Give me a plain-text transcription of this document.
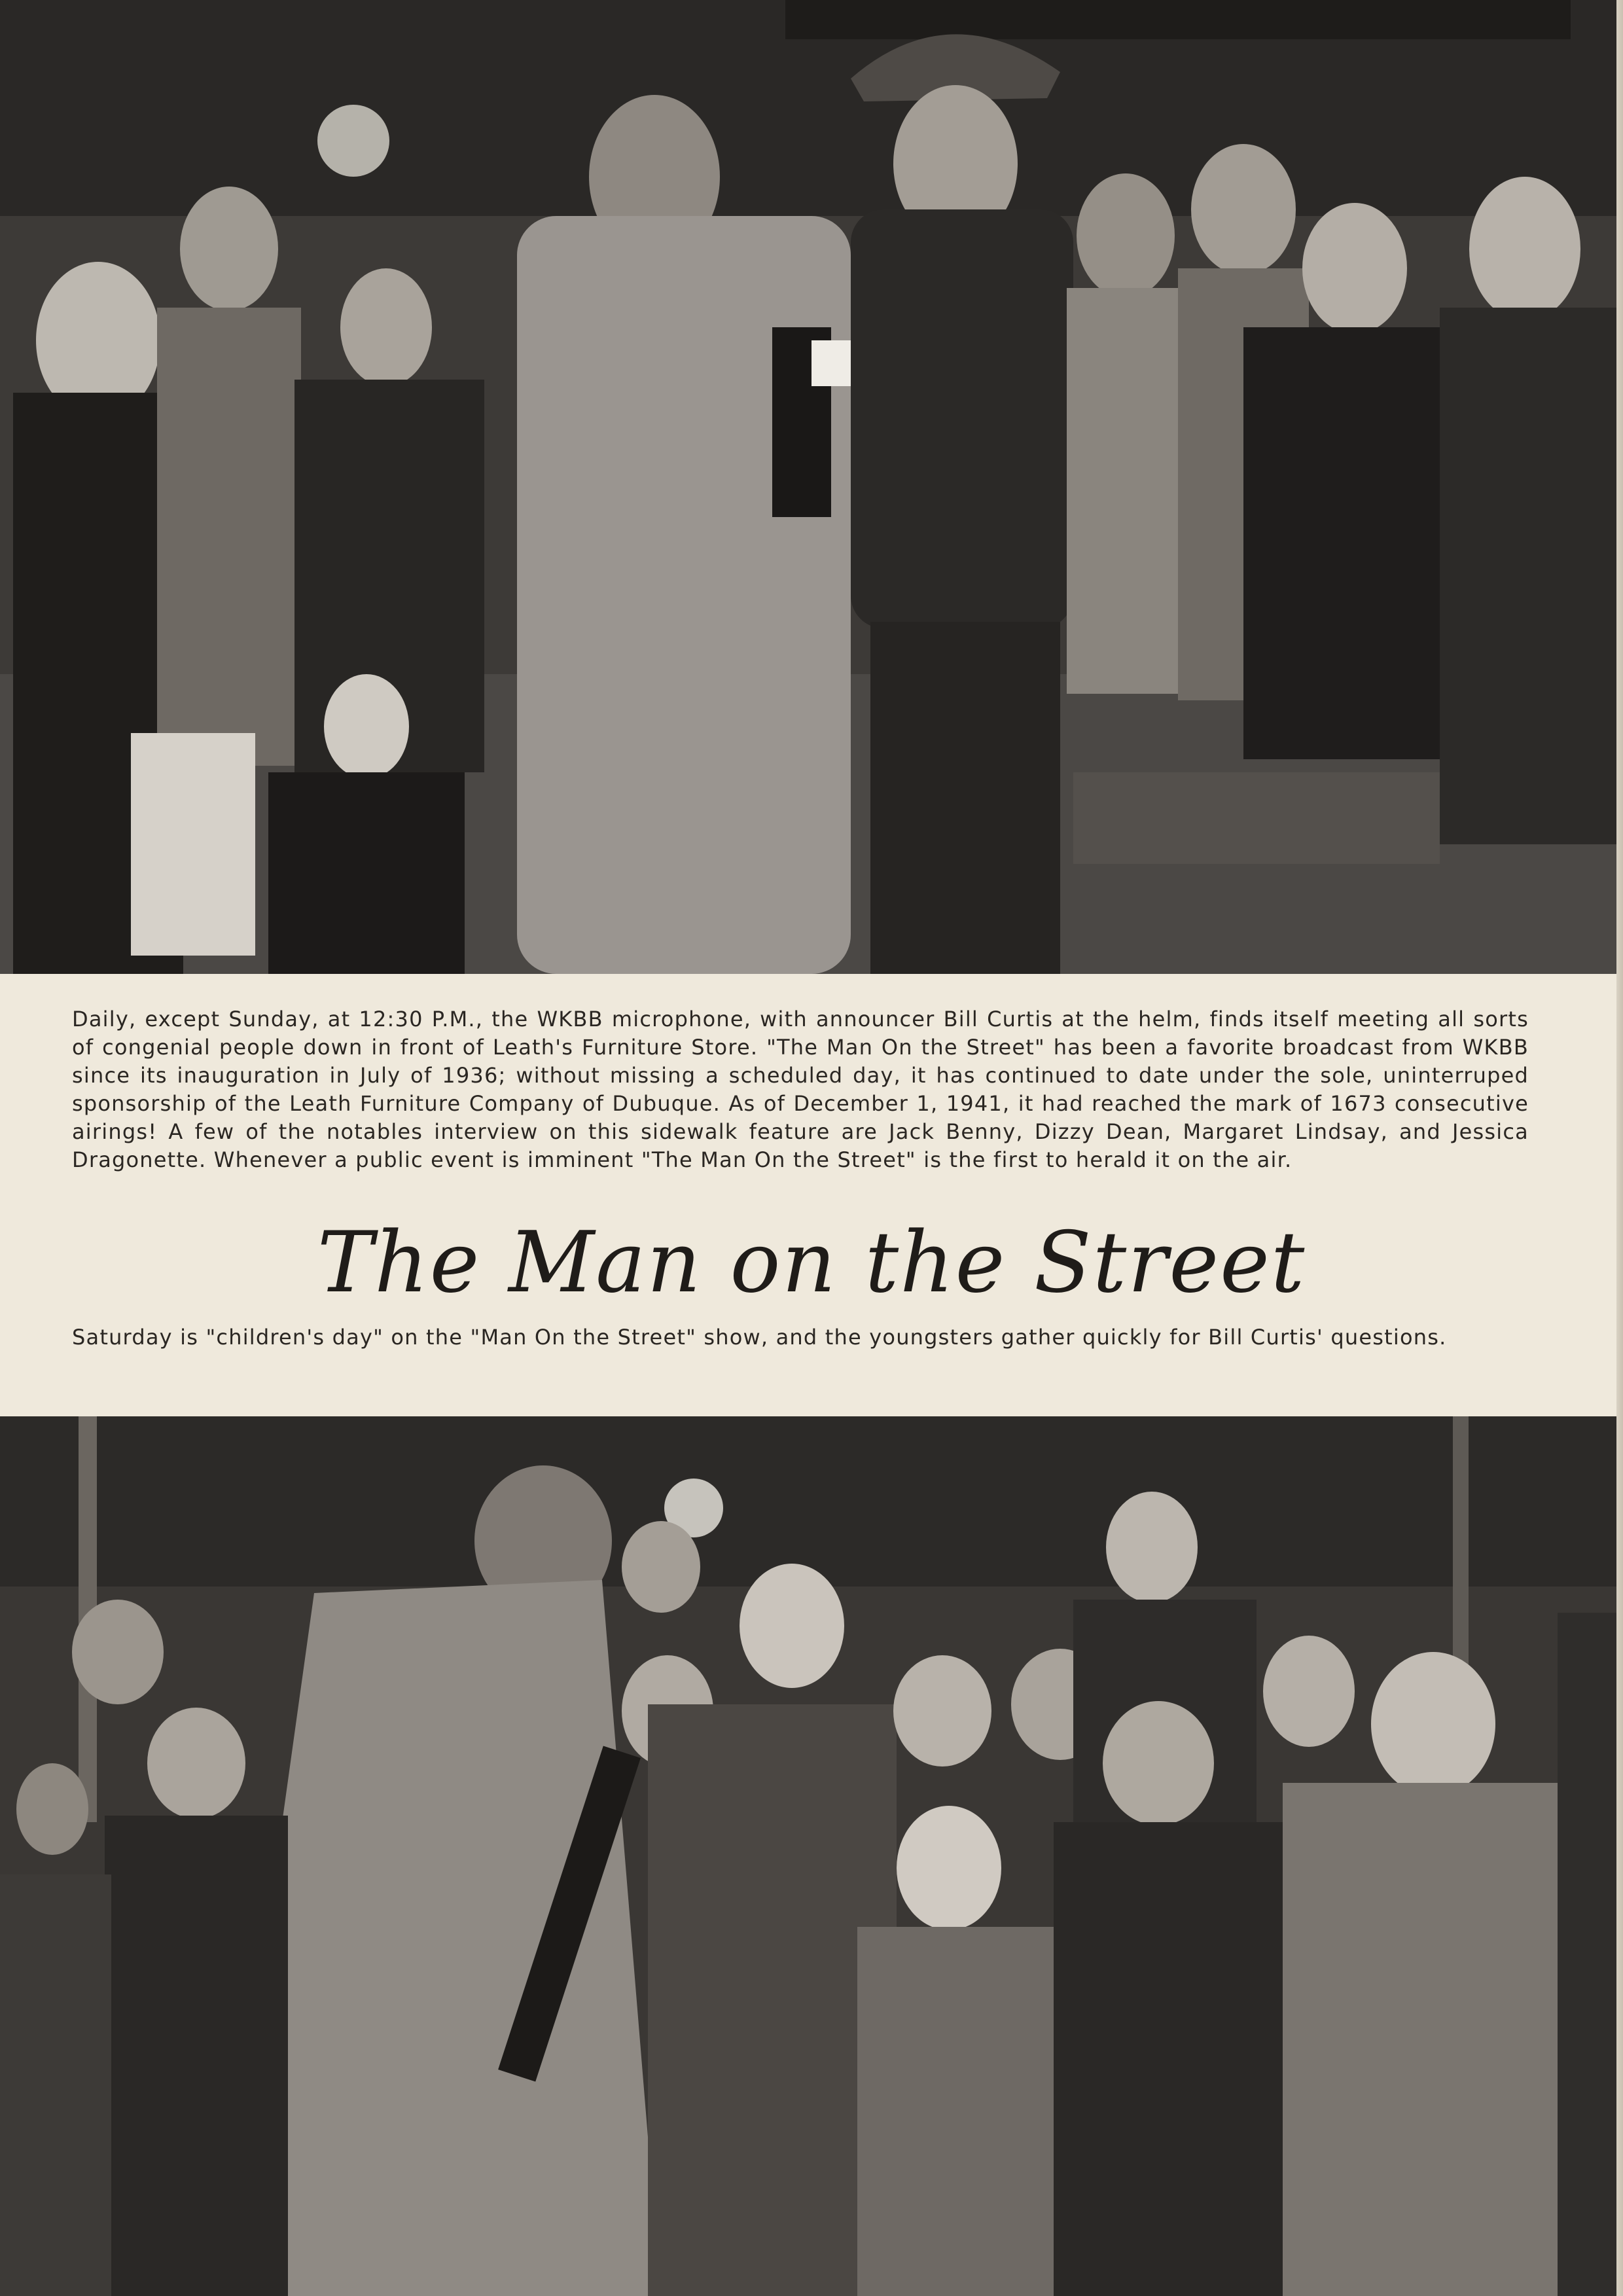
Daily, except Sunday, at 12:30 P.M., the WKBB microphone, with announcer Bill Curtis at the helm, finds itself meeting all sorts of congenial people down in front of Leath's Furniture Store. "The Man On the Street" has been a favorite broadcast from WKBB since its inauguration in July of 1936; without missing a scheduled day, it has continued to date under the sole, uninterruped sponsorship of the Leath Furniture Company of Dubuque. As of December 1, 1941, it had reached the mark of 1673 consecutive airings! A few of the notables interview on this sidewalk feature are Jack Benny, Dizzy Dean, Margaret Lindsay, and Jessica Dragonette. Whenever a public event is imminent "The Man On the Street" is the first to herald it on the air.
The Man on the Street
Saturday is "children's day" on the "Man On the Street" show, and the youngsters gather quickly for Bill Curtis' questions.
